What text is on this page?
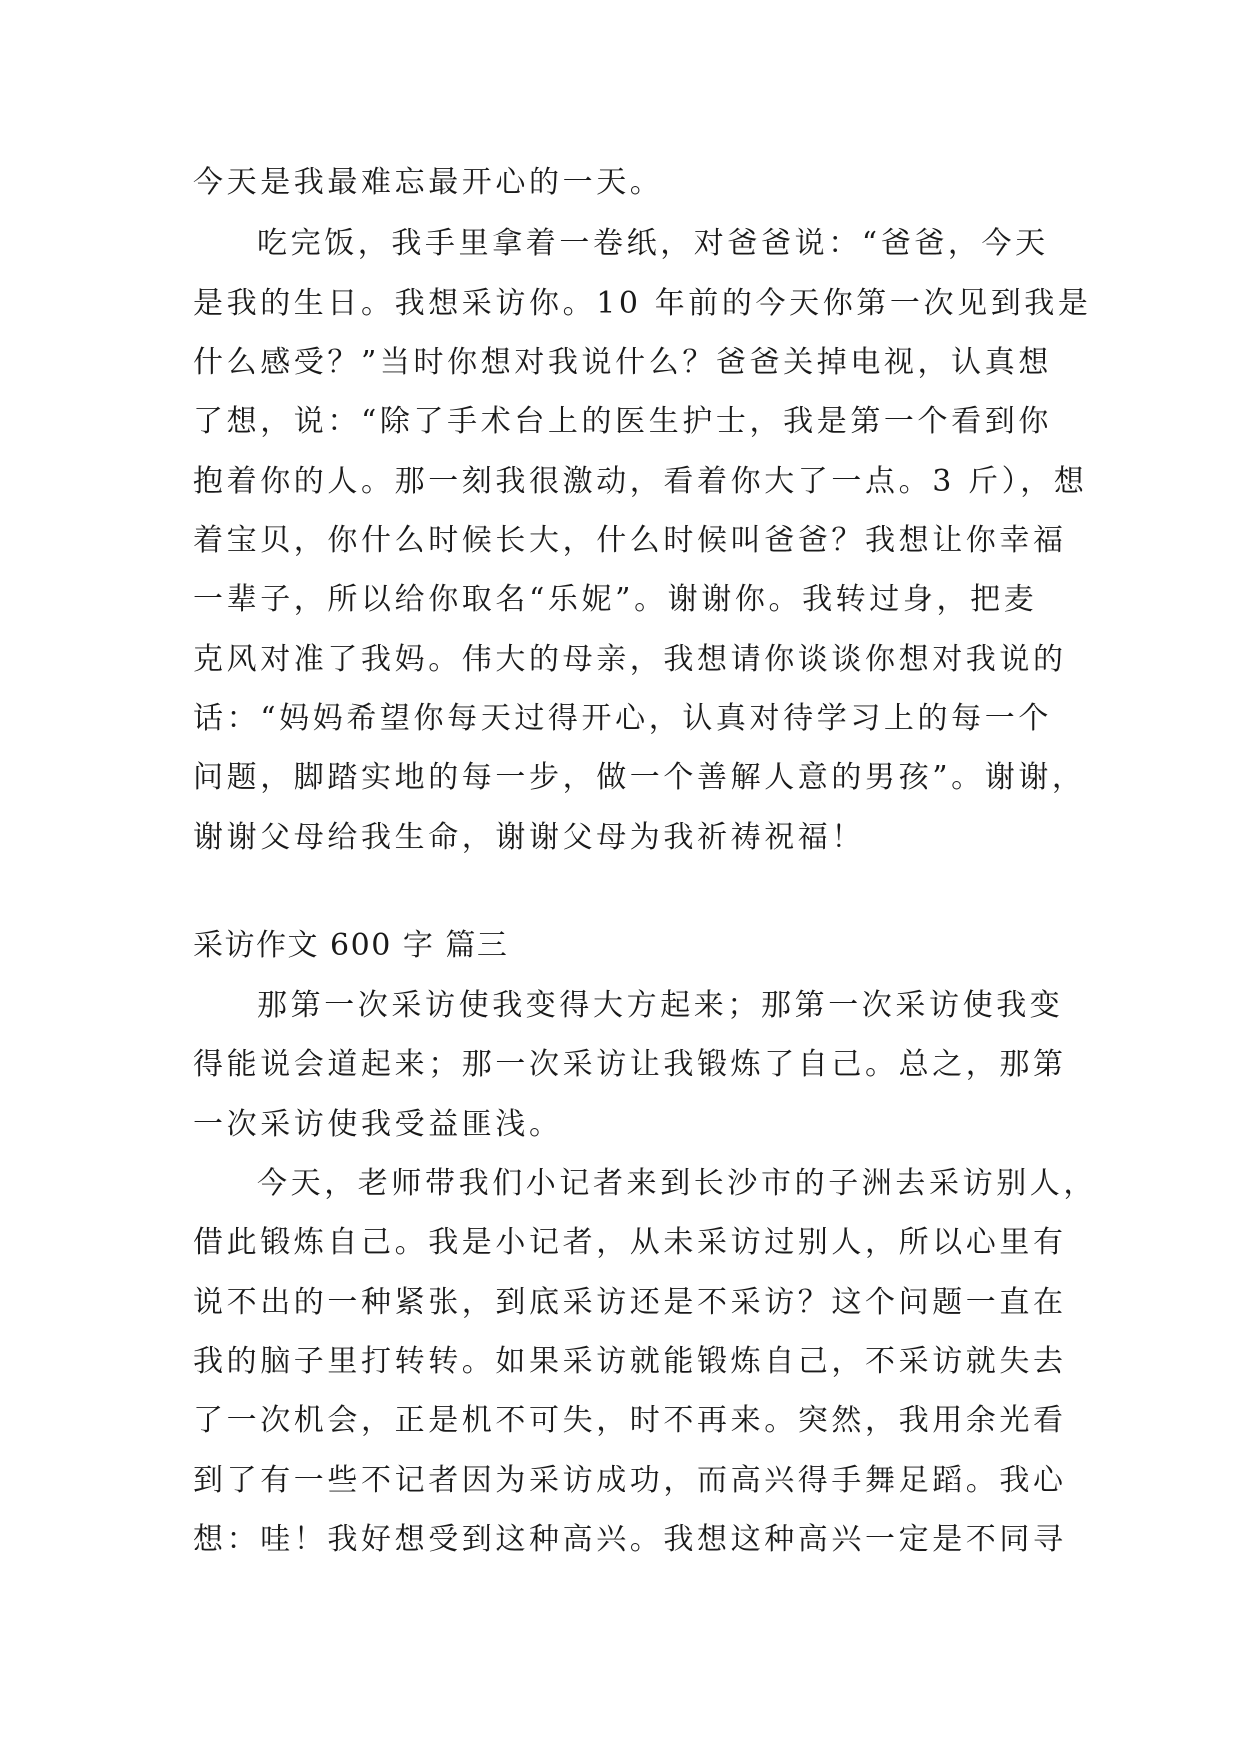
今天是我最难忘最开心的一天。
吃完饭，我手里拿着一卷纸，对爸爸说：“爸爸，今天
是我的生日。我想采访你。10 年前的今天你第一次见到我是
什么感受？”当时你想对我说什么？爸爸关掉电视，认真想
了想，说：“除了手术台上的医生护士，我是第一个看到你
抱着你的人。那一刻我很激动，看着你大了一点。3 斤），想
着宝贝，你什么时候长大，什么时候叫爸爸？我想让你幸福
一辈子，所以给你取名“乐妮”。谢谢你。我转过身，把麦
克风对准了我妈。伟大的母亲，我想请你谈谈你想对我说的
话：“妈妈希望你每天过得开心，认真对待学习上的每一个
问题，脚踏实地的每一步，做一个善解人意的男孩”。谢谢，
谢谢父母给我生命，谢谢父母为我祈祷祝福！
采访作文 600 字 篇三
那第一次采访使我变得大方起来；那第一次采访使我变
得能说会道起来；那一次采访让我锻炼了自己。总之，那第
一次采访使我受益匪浅。
今天，老师带我们小记者来到长沙市的子洲去采访别人，
借此锻炼自己。我是小记者，从未采访过别人，所以心里有
说不出的一种紧张，到底采访还是不采访？这个问题一直在
我的脑子里打转转。如果采访就能锻炼自己，不采访就失去
了一次机会，正是机不可失，时不再来。突然，我用余光看
到了有一些不记者因为采访成功，而高兴得手舞足蹈。我心
想：哇！我好想受到这种高兴。我想这种高兴一定是不同寻
